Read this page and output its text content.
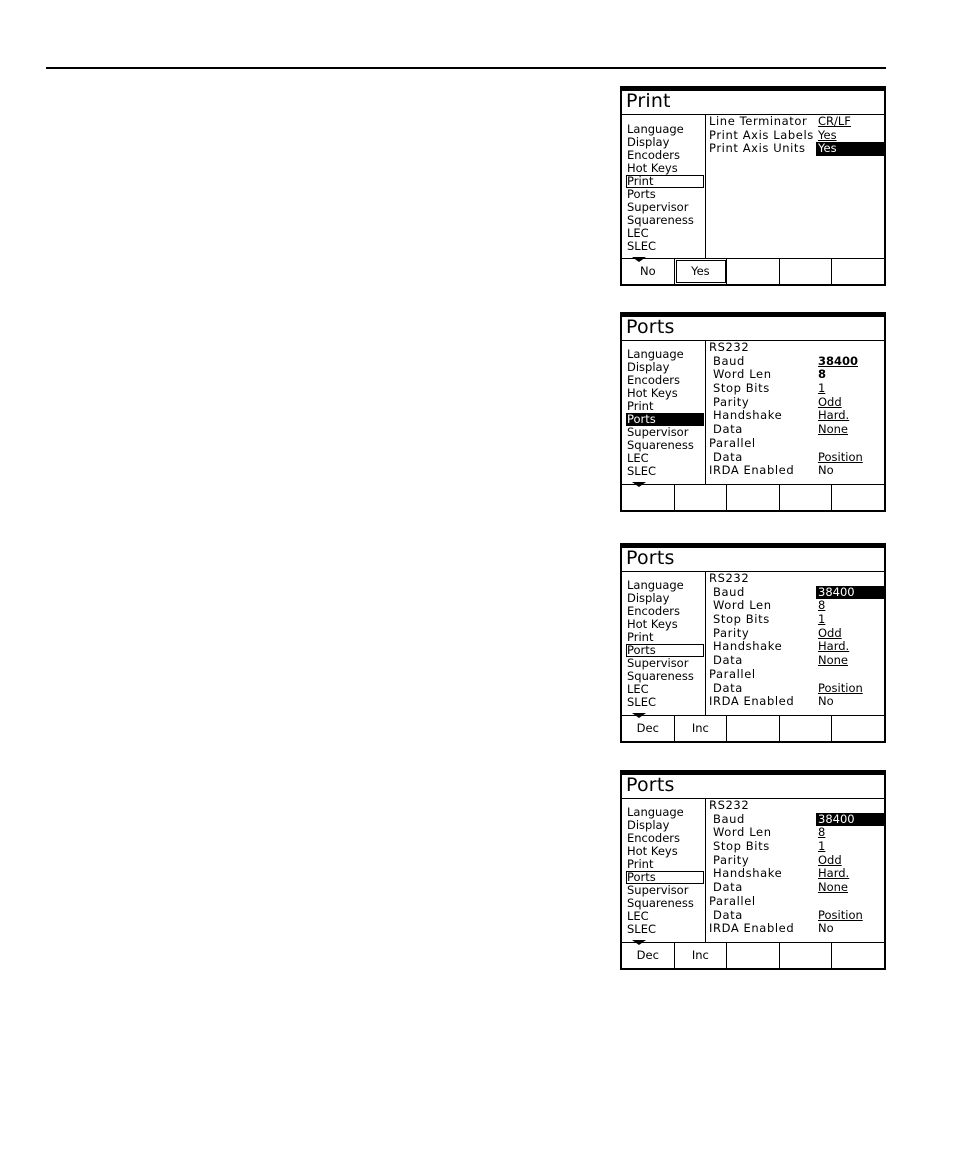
Print
Language
Display
Encoders
Hot Keys
Print
Ports
Supervisor
Squareness
LEC
SLEC
Line Terminator CR/LF
Print Axis Labels Yes
Print Axis Units Yes
No	Yes
Ports
Language
Display
Encoders
Hot Keys
Print
Ports
Supervisor
Squareness
LEC
SLEC
RS232
Baud	38400
Word Len	8
Stop Bits	1
Parity	Odd
Handshake	Hard.
Data	None
Parallel
Data	Position
IRDA Enabled No
Ports
Language
Display
Encoders
Hot Keys
Print
Ports
Supervisor
Squareness
LEC
SLEC
RS232
Baud	38400
Word Len	8
Stop Bits	1
Parity	Odd
Handshake	Hard.
Data	None
Parallel
Data	Position
IRDA Enabled No
Dec	Inc
Ports
Language
Display
Encoders
Hot Keys
Print
Ports
Supervisor
Squareness
LEC
SLEC
RS232
Baud	38400
Word Len	8
Stop Bits	1
Parity	Odd
Handshake	Hard.
Data	None
Parallel
Data	Position
IRDA Enabled No
Dec	Inc
